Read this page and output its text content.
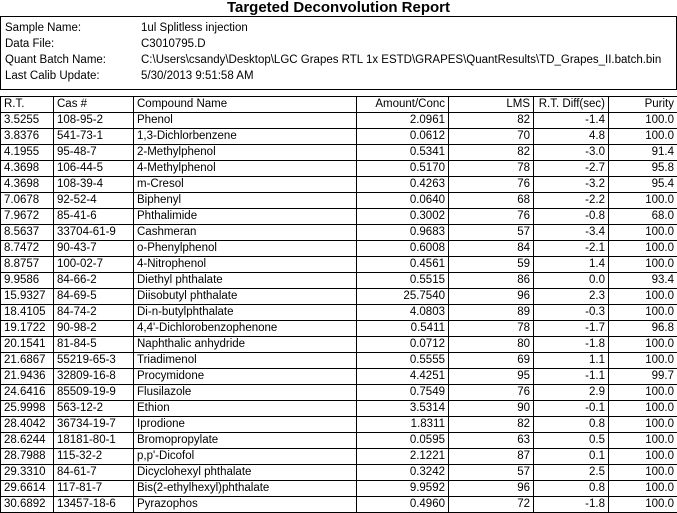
Targeted Deconvolution Report
Sample Name:	1ul Splitless injection
Data File:	C3010795.D
Quant Batch Name:	C:\Users\csandy\Desktop\LGC Grapes RTL 1x ESTD\GRAPES\QuantResults\TD_Grapes_II.batch.bin
Last Calib Update:	5/30/2013 9:51:58 AM
R.T.	Cas #	Compound Name	Amount/Conc	LMS	R.T. Diff(sec)	Purity
3.5255	108-95-2	Phenol	2.0961	82	-1.4	100.0
3.8376	541-73-1	1,3-Dichlorbenzene	0.0612	70	4.8	100.0
4.1955	95-48-7	2-Methylphenol	0.5341	82	-3.0	91.4
4.3698	106-44-5	4-Methylphenol	0.5170	78	-2.7	95.8
4.3698	108-39-4	m-Cresol	0.4263	76	-3.2	95.4
7.0678	92-52-4	Biphenyl	0.0640	68	-2.2	100.0
7.9672	85-41-6	Phthalimide	0.3002	76	-0.8	68.0
8.5637	33704-61-9	Cashmeran	0.9683	57	-3.4	100.0
8.7472	90-43-7	o-Phenylphenol	0.6008	84	-2.1	100.0
8.8757	100-02-7	4-Nitrophenol	0.4561	59	1.4	100.0
9.9586	84-66-2	Diethyl phthalate	0.5515	86	0.0	93.4
15.9327	84-69-5	Diisobutyl phthalate	25.7540	96	2.3	100.0
18.4105	84-74-2	Di-n-butylphthalate	4.0803	89	-0.3	100.0
19.1722	90-98-2	4,4'-Dichlorobenzophenone	0.5411	78	-1.7	96.8
20.1541	81-84-5	Naphthalic anhydride	0.0712	80	-1.8	100.0
21.6867	55219-65-3	Triadimenol	0.5555	69	1.1	100.0
21.9436	32809-16-8	Procymidone	4.4251	95	-1.1	99.7
24.6416	85509-19-9	Flusilazole	0.7549	76	2.9	100.0
25.9998	563-12-2	Ethion	3.5314	90	-0.1	100.0
28.4042	36734-19-7	Iprodione	1.8311	82	0.8	100.0
28.6244	18181-80-1	Bromopropylate	0.0595	63	0.5	100.0
28.7988	115-32-2	p,p'-Dicofol	2.1221	87	0.1	100.0
29.3310	84-61-7	Dicyclohexyl phthalate	0.3242	57	2.5	100.0
29.6614	117-81-7	Bis(2-ethylhexyl)phthalate	9.9592	96	0.8	100.0
30.6892	13457-18-6	Pyrazophos	0.4960	72	-1.8	100.0
